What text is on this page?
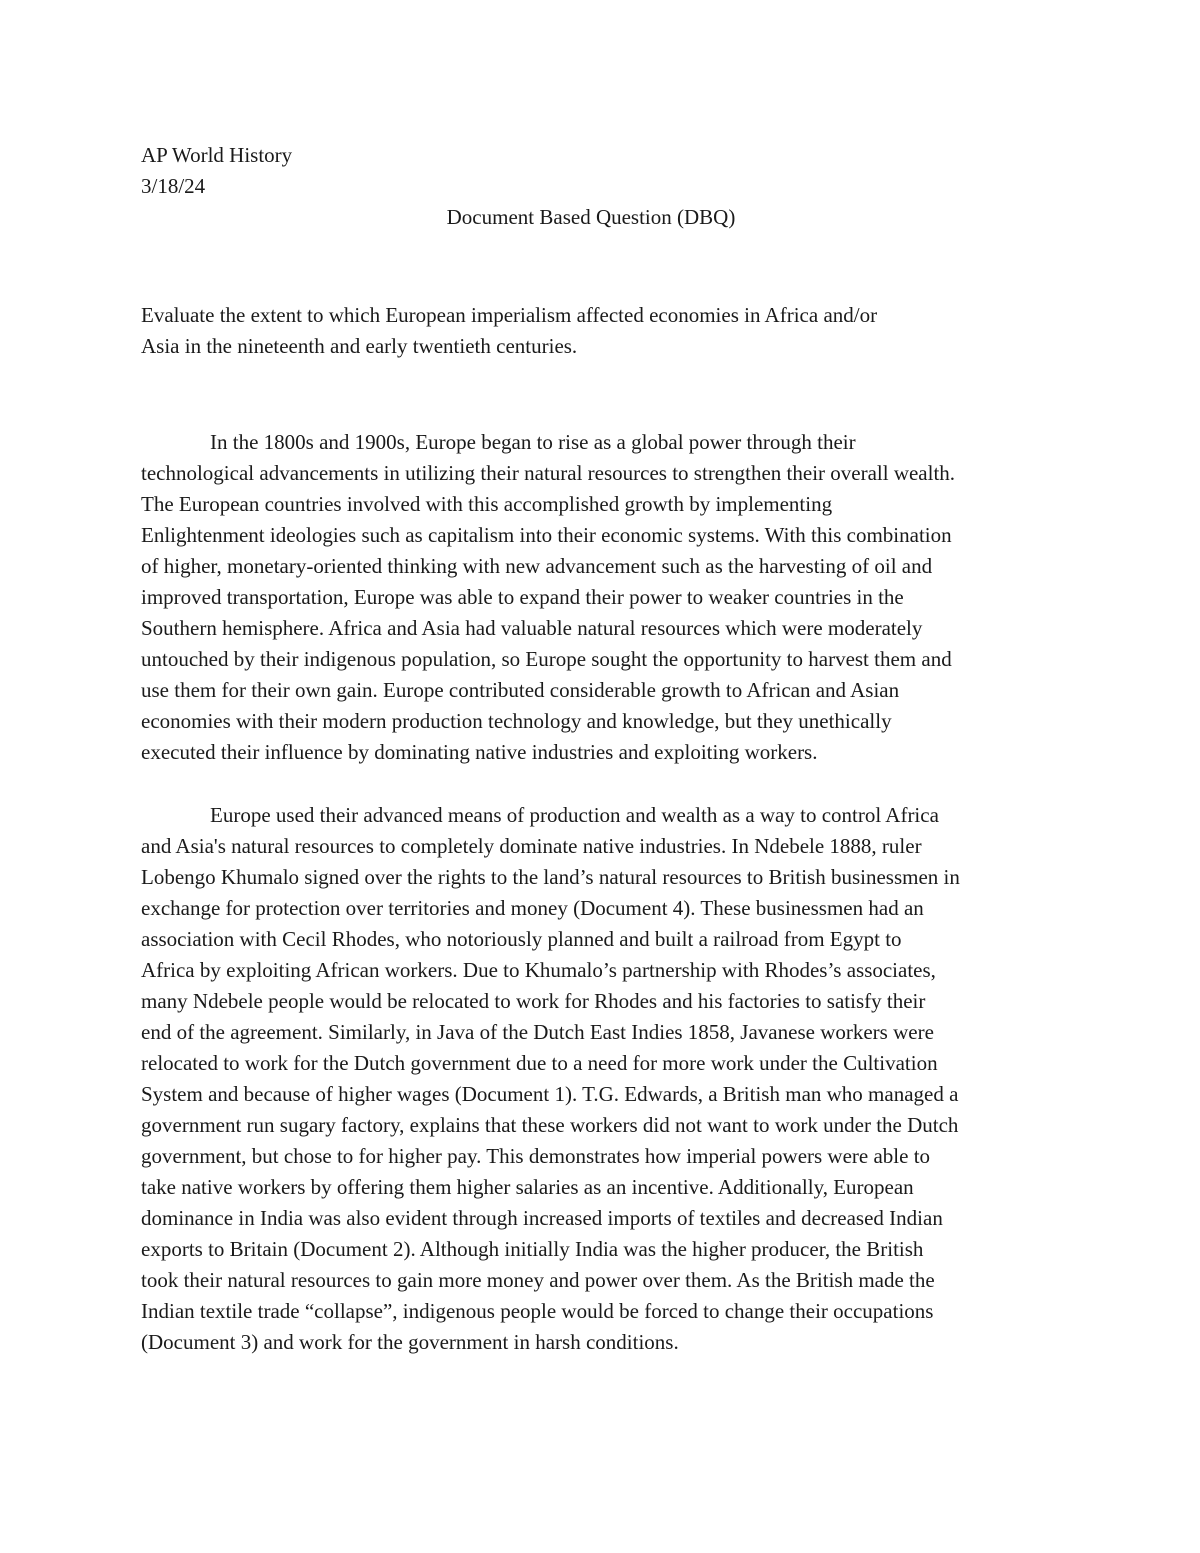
AP World History
3/18/24
Document Based Question (DBQ)
Evaluate the extent to which European imperialism affected economies in Africa and/or
Asia in the nineteenth and early twentieth centuries.
In the 1800s and 1900s, Europe began to rise as a global power through their
technological advancements in utilizing their natural resources to strengthen their overall wealth.
The European countries involved with this accomplished growth by implementing
Enlightenment ideologies such as capitalism into their economic systems. With this combination
of higher, monetary-oriented thinking with new advancement such as the harvesting of oil and
improved transportation, Europe was able to expand their power to weaker countries in the
Southern hemisphere. Africa and Asia had valuable natural resources which were moderately
untouched by their indigenous population, so Europe sought the opportunity to harvest them and
use them for their own gain. Europe contributed considerable growth to African and Asian
economies with their modern production technology and knowledge, but they unethically
executed their influence by dominating native industries and exploiting workers.
Europe used their advanced means of production and wealth as a way to control Africa
and Asia's natural resources to completely dominate native industries. In Ndebele 1888, ruler
Lobengo Khumalo signed over the rights to the land’s natural resources to British businessmen in
exchange for protection over territories and money (Document 4). These businessmen had an
association with Cecil Rhodes, who notoriously planned and built a railroad from Egypt to
Africa by exploiting African workers. Due to Khumalo’s partnership with Rhodes’s associates,
many Ndebele people would be relocated to work for Rhodes and his factories to satisfy their
end of the agreement. Similarly, in Java of the Dutch East Indies 1858, Javanese workers were
relocated to work for the Dutch government due to a need for more work under the Cultivation
System and because of higher wages (Document 1). T.G. Edwards, a British man who managed a
government run sugary factory, explains that these workers did not want to work under the Dutch
government, but chose to for higher pay. This demonstrates how imperial powers were able to
take native workers by offering them higher salaries as an incentive. Additionally, European
dominance in India was also evident through increased imports of textiles and decreased Indian
exports to Britain (Document 2). Although initially India was the higher producer, the British
took their natural resources to gain more money and power over them. As the British made the
Indian textile trade “collapse”, indigenous people would be forced to change their occupations
(Document 3) and work for the government in harsh conditions.
